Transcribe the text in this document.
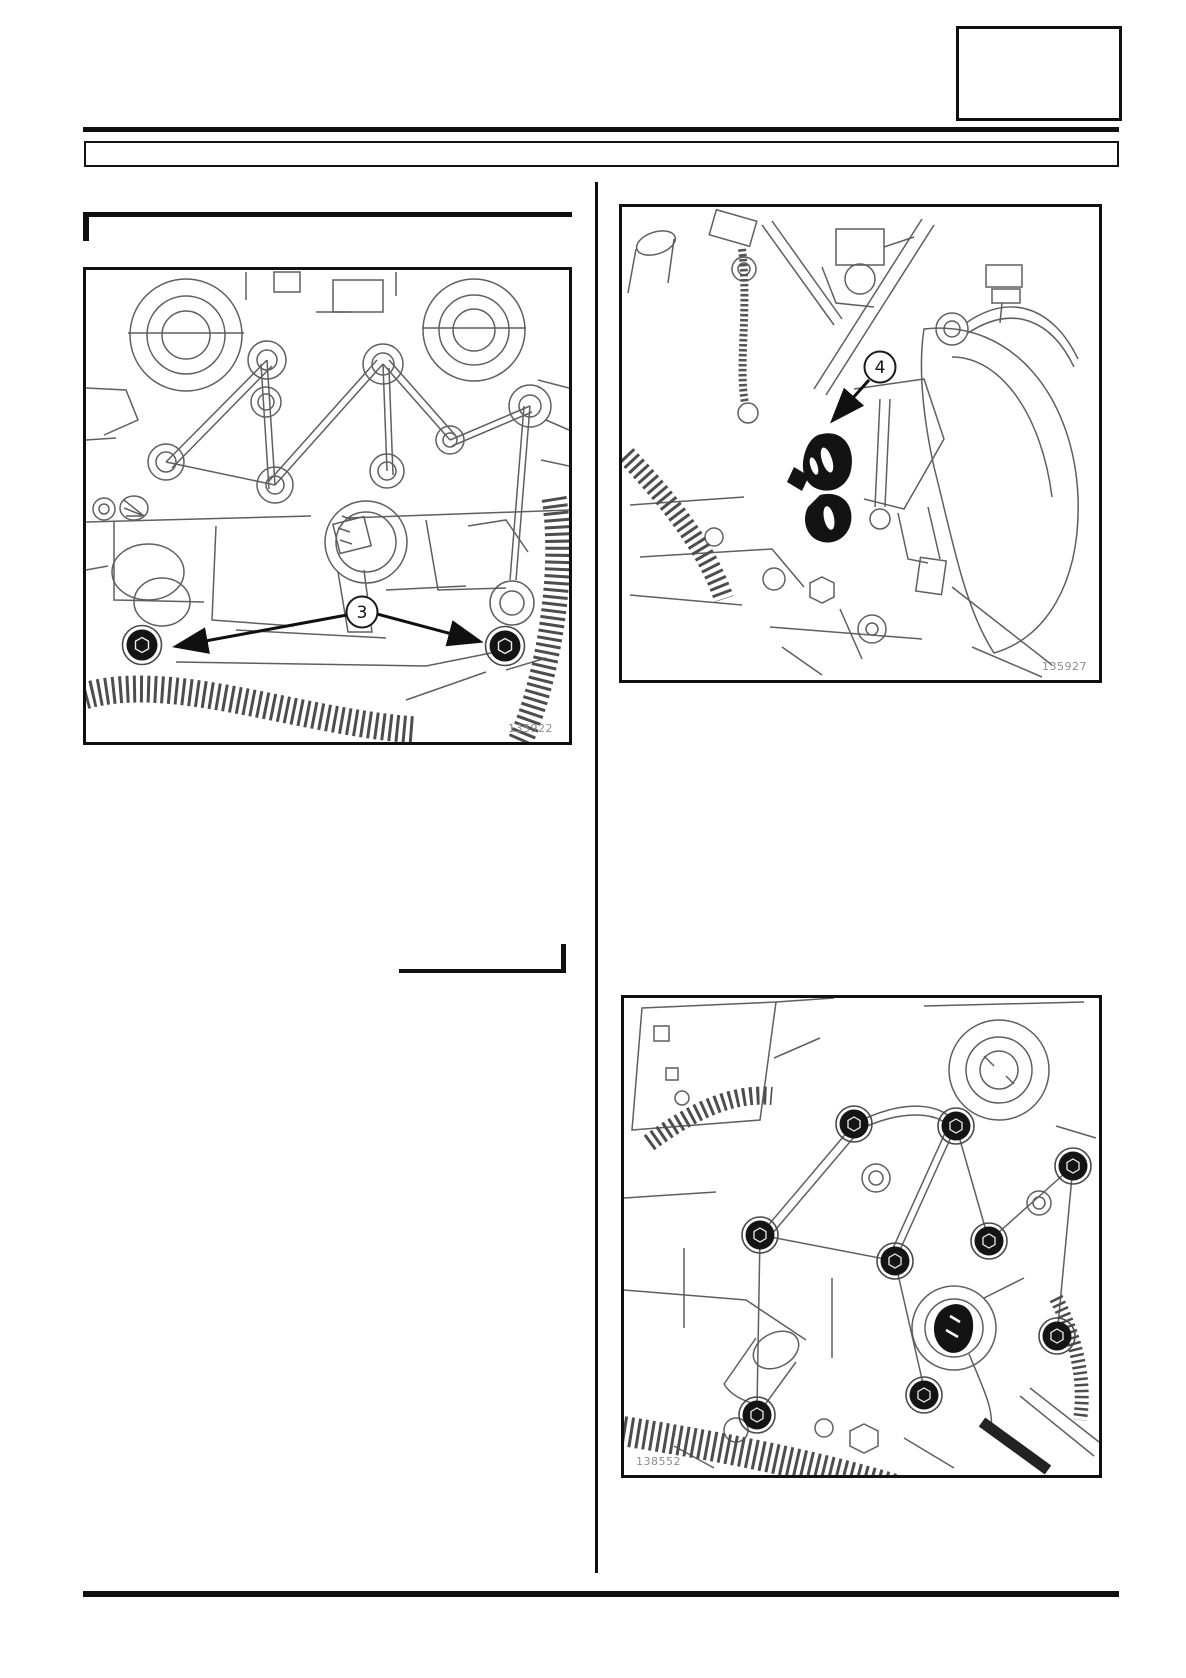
3
135922
4
135927
138552
